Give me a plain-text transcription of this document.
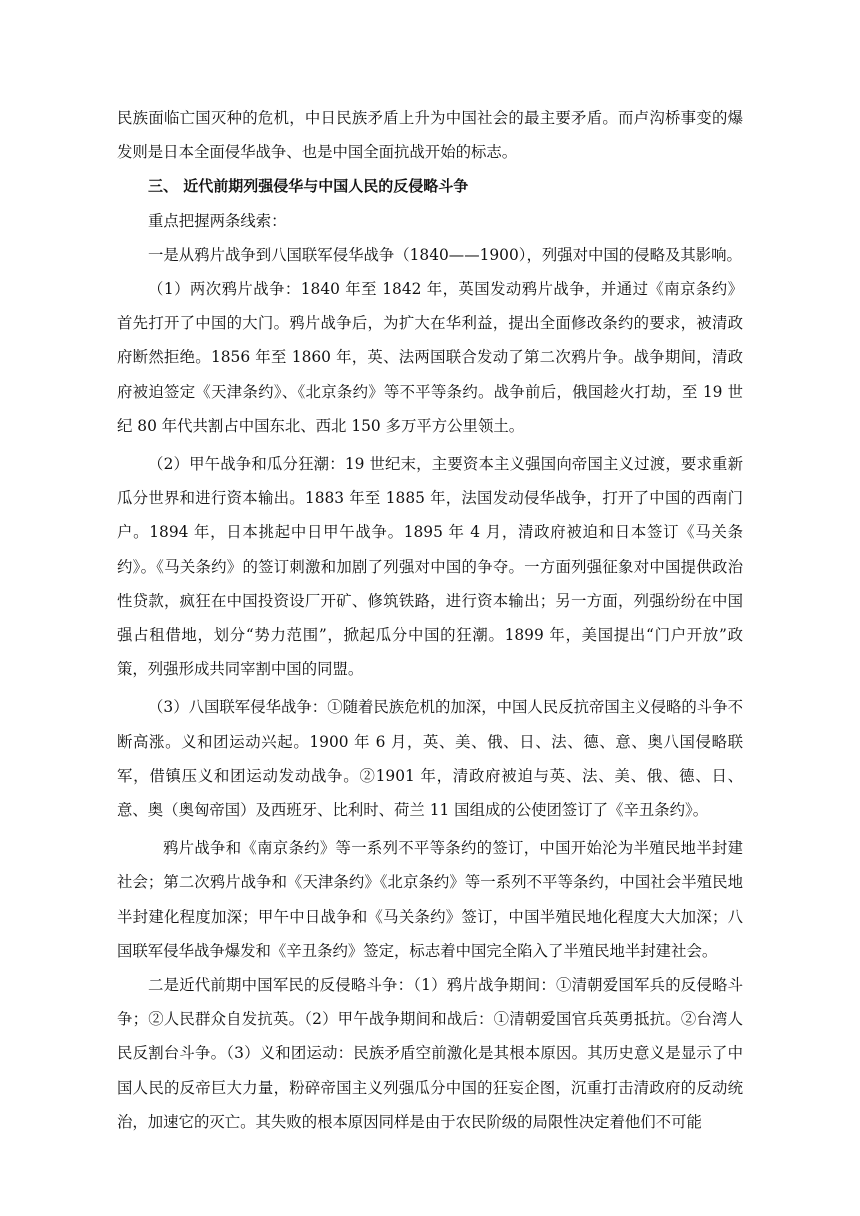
民族面临亡国灭种的危机，中日民族矛盾上升为中国社会的最主要矛盾。而卢沟桥事变的爆发则是日本全面侵华战争、也是中国全面抗战开始的标志。

三、 近代前期列强侵华与中国人民的反侵略斗争

重点把握两条线索：

一是从鸦片战争到八国联军侵华战争（1840——1900），列强对中国的侵略及其影响。

（1）两次鸦片战争：1840 年至 1842 年，英国发动鸦片战争，并通过《南京条约》首先打开了中国的大门。鸦片战争后，为扩大在华利益，提出全面修改条约的要求，被清政府断然拒绝。1856 年至 1860 年，英、法两国联合发动了第二次鸦片争。战争期间，清政府被迫签定《天津条约》、《北京条约》等不平等条约。战争前后，俄国趁火打劫，至 19 世纪 80 年代共割占中国东北、西北 150 多万平方公里领土。

（2）甲午战争和瓜分狂潮：19 世纪末，主要资本主义强国向帝国主义过渡，要求重新瓜分世界和进行资本输出。1883 年至 1885 年，法国发动侵华战争，打开了中国的西南门户。1894 年，日本挑起中日甲午战争。1895 年 4 月，清政府被迫和日本签订《马关条约》。《马关条约》的签订刺激和加剧了列强对中国的争夺。一方面列强征象对中国提供政治性贷款，疯狂在中国投资设厂开矿、修筑铁路，进行资本输出；另一方面，列强纷纷在中国强占租借地，划分“势力范围”，掀起瓜分中国的狂潮。1899 年，美国提出“门户开放”政策，列强形成共同宰割中国的同盟。

（3）八国联军侵华战争：①随着民族危机的加深，中国人民反抗帝国主义侵略的斗争不断高涨。义和团运动兴起。1900 年 6 月，英、美、俄、日、法、德、意、奥八国侵略联军，借镇压义和团运动发动战争。②1901 年，清政府被迫与英、法、美、俄、德、日、意、奥（奥匈帝国）及西班牙、比利时、荷兰 11 国组成的公使团签订了《辛丑条约》。

鸦片战争和《南京条约》等一系列不平等条约的签订，中国开始沦为半殖民地半封建社会；第二次鸦片战争和《天津条约》《北京条约》等一系列不平等条约，中国社会半殖民地半封建化程度加深；甲午中日战争和《马关条约》签订，中国半殖民地化程度大大加深；八国联军侵华战争爆发和《辛丑条约》签定，标志着中国完全陷入了半殖民地半封建社会。

二是近代前期中国军民的反侵略斗争：（1）鸦片战争期间：①清朝爱国军兵的反侵略斗争；②人民群众自发抗英。（2）甲午战争期间和战后：①清朝爱国官兵英勇抵抗。②台湾人民反割台斗争。（3）义和团运动：民族矛盾空前激化是其根本原因。其历史意义是显示了中国人民的反帝巨大力量，粉碎帝国主义列强瓜分中国的狂妄企图，沉重打击清政府的反动统治，加速它的灭亡。其失败的根本原因同样是由于农民阶级的局限性决定着他们不可能
